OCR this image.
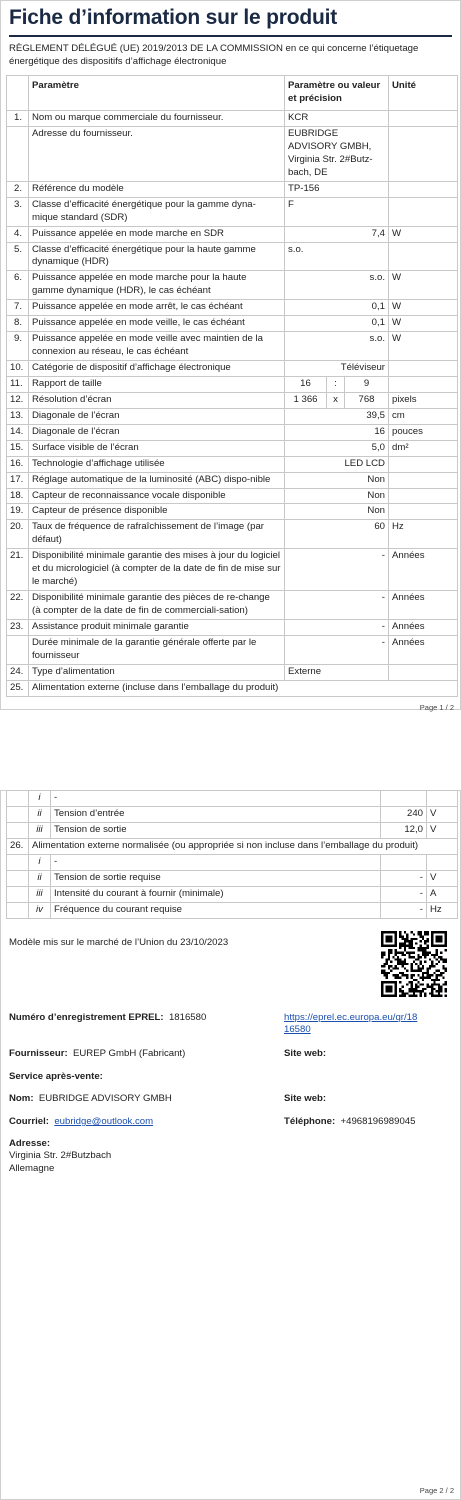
Fiche d’information sur le produit
RÈGLEMENT DÉLÉGUÉ (UE) 2019/2013 DE LA COMMISSION en ce qui concerne l’étiquetage énergétique des dispositifs d’affichage électronique
	Paramètre	Paramètre ou valeur et précision			Unité
1.	Nom ou marque commerciale du fournisseur.	KCR			
	Adresse du fournisseur.	EUBRIDGE ADVISORY GMBH, Virginia Str. 2#Butz-bach, DE			
2.	Référence du modèle	TP-156			
3.	Classe d’efficacité énergétique pour la gamme dyna-mique standard (SDR)	F			
4.	Puissance appelée en mode marche en SDR	7,4			W
5.	Classe d’efficacité énergétique pour la haute gamme dynamique (HDR)	s.o.			
6.	Puissance appelée en mode marche pour la haute gamme dynamique (HDR), le cas échéant	s.o.			W
7.	Puissance appelée en mode arrêt, le cas échéant	0,1			W
8.	Puissance appelée en mode veille, le cas échéant	0,1			W
9.	Puissance appelée en mode veille avec maintien de la connexion au réseau, le cas échéant	s.o.			W
10.	Catégorie de dispositif d’affichage électronique	Téléviseur			
11.	Rapport de taille	16	:	9	
12.	Résolution d’écran	1 366	x	768	pixels
13.	Diagonale de l’écran	39,5			cm
14.	Diagonale de l’écran	16			pouces
15.	Surface visible de l’écran	5,0			dm²
16.	Technologie d’affichage utilisée	LED LCD			
17.	Réglage automatique de la luminosité (ABC) dispo-nible	Non			
18.	Capteur de reconnaissance vocale disponible	Non			
19.	Capteur de présence disponible	Non			
20.	Taux de fréquence de rafraîchissement de l’image (par défaut)	60			Hz
21.	Disponibilité minimale garantie des mises à jour du logiciel et du micrologiciel (à compter de la date de fin de mise sur le marché)	-			Années
22.	Disponibilité minimale garantie des pièces de re-change (à compter de la date de fin de commerciali-sation)	-			Années
23.	Assistance produit minimale garantie	-			Années
	Durée minimale de la garantie générale offerte par le fournisseur	-			Années
24.	Type d’alimentation	Externe			
25.	Alimentation externe (incluse dans l’emballage du produit)				
Page 1 / 2
	i	-		
	ii	Tension d’entrée	240	V
	iii	Tension de sortie	12,0	V
26.	Alimentation externe normalisée (ou appropriée si non incluse dans l’emballage du produit)			
	i	-		
	ii	Tension de sortie requise	-	V
	iii	Intensité du courant à fournir (minimale)	-	A
	iv	Fréquence du courant requise	-	Hz
Modèle mis sur le marché de l’Union du 23/10/2023
Numéro d’enregistrement EPREL: 1816580	https://eprel.ec.europa.eu/qr/18
16580
Fournisseur: EUREP GmbH (Fabricant)	Site web:
Service après-vente:
Nom: EUBRIDGE ADVISORY GMBH	Site web:
Courriel: eubridge@outlook.com	Téléphone: +4968196989045
Adresse:
Virginia Str. 2#Butzbach
Allemagne
Page 2 / 2
